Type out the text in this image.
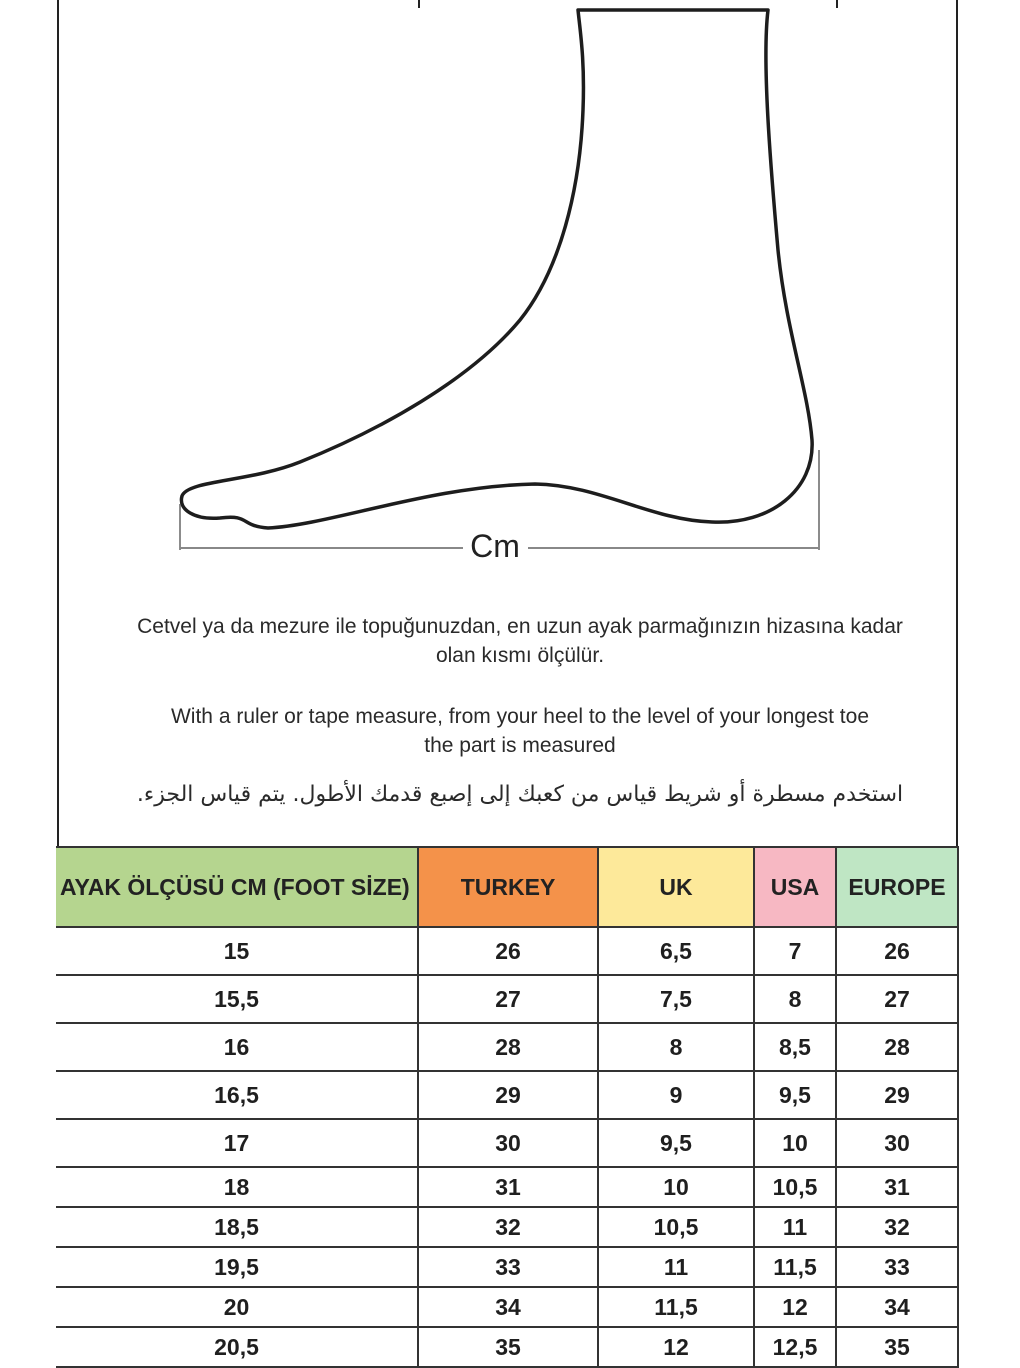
Cm
Cetvel ya da mezure ile topuğunuzdan, en uzun ayak parmağınızın hizasına kadar
olan kısmı ölçülür.
With a ruler or tape measure, from your heel to the level of your longest toe
the part is measured
استخدم مسطرة أو شريط قياس من كعبك إلى إصبع قدمك الأطول. يتم قياس الجزء.
AYAK ÖLÇÜSÜ CM (FOOT SİZE)	TURKEY	UK	USA	EUROPE
15	26	6,5	7	26
15,5	27	7,5	8	27
16	28	8	8,5	28
16,5	29	9	9,5	29
17	30	9,5	10	30
18	31	10	10,5	31
18,5	32	10,5	11	32
19,5	33	11	11,5	33
20	34	11,5	12	34
20,5	35	12	12,5	35
